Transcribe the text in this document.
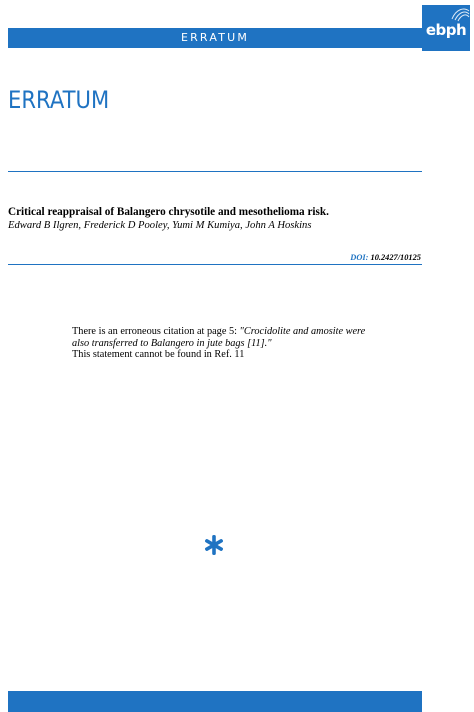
ERRATUM	ebph
ERRATUM
Critical reappraisal of Balangero chrysotile and mesothelioma risk.
Edward B Ilgren, Frederick D Pooley, Yumi M Kumiya, John A Hoskins
DOI: 10.2427/10125

There is an erroneous citation at page 5: "Crocidolite and amosite were also transferred to Balangero in jute bags [11]."

This statement cannot be found in Ref. 11
